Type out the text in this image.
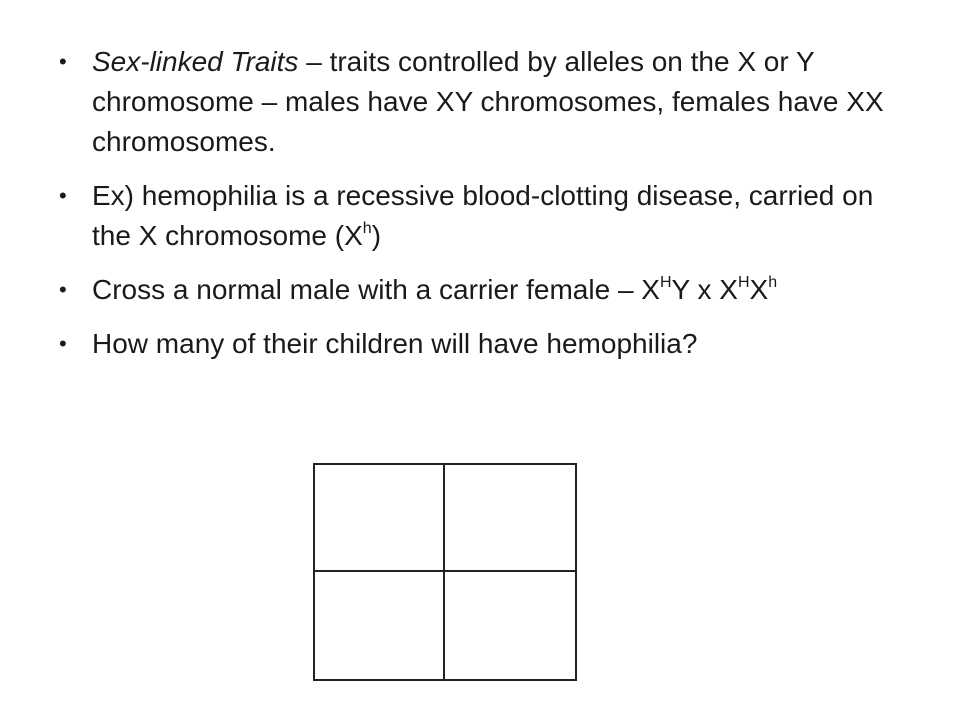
• Sex-linked Traits – traits controlled by alleles on the X or Y chromosome – males have XY chromosomes, females have XX chromosomes.
• Ex) hemophilia is a recessive blood-clotting disease, carried on the X chromosome $(X^h)$
• Cross a normal male with a carrier female – $X^HY$ x $X^HX^h$
• How many of their children will have hemophilia?
